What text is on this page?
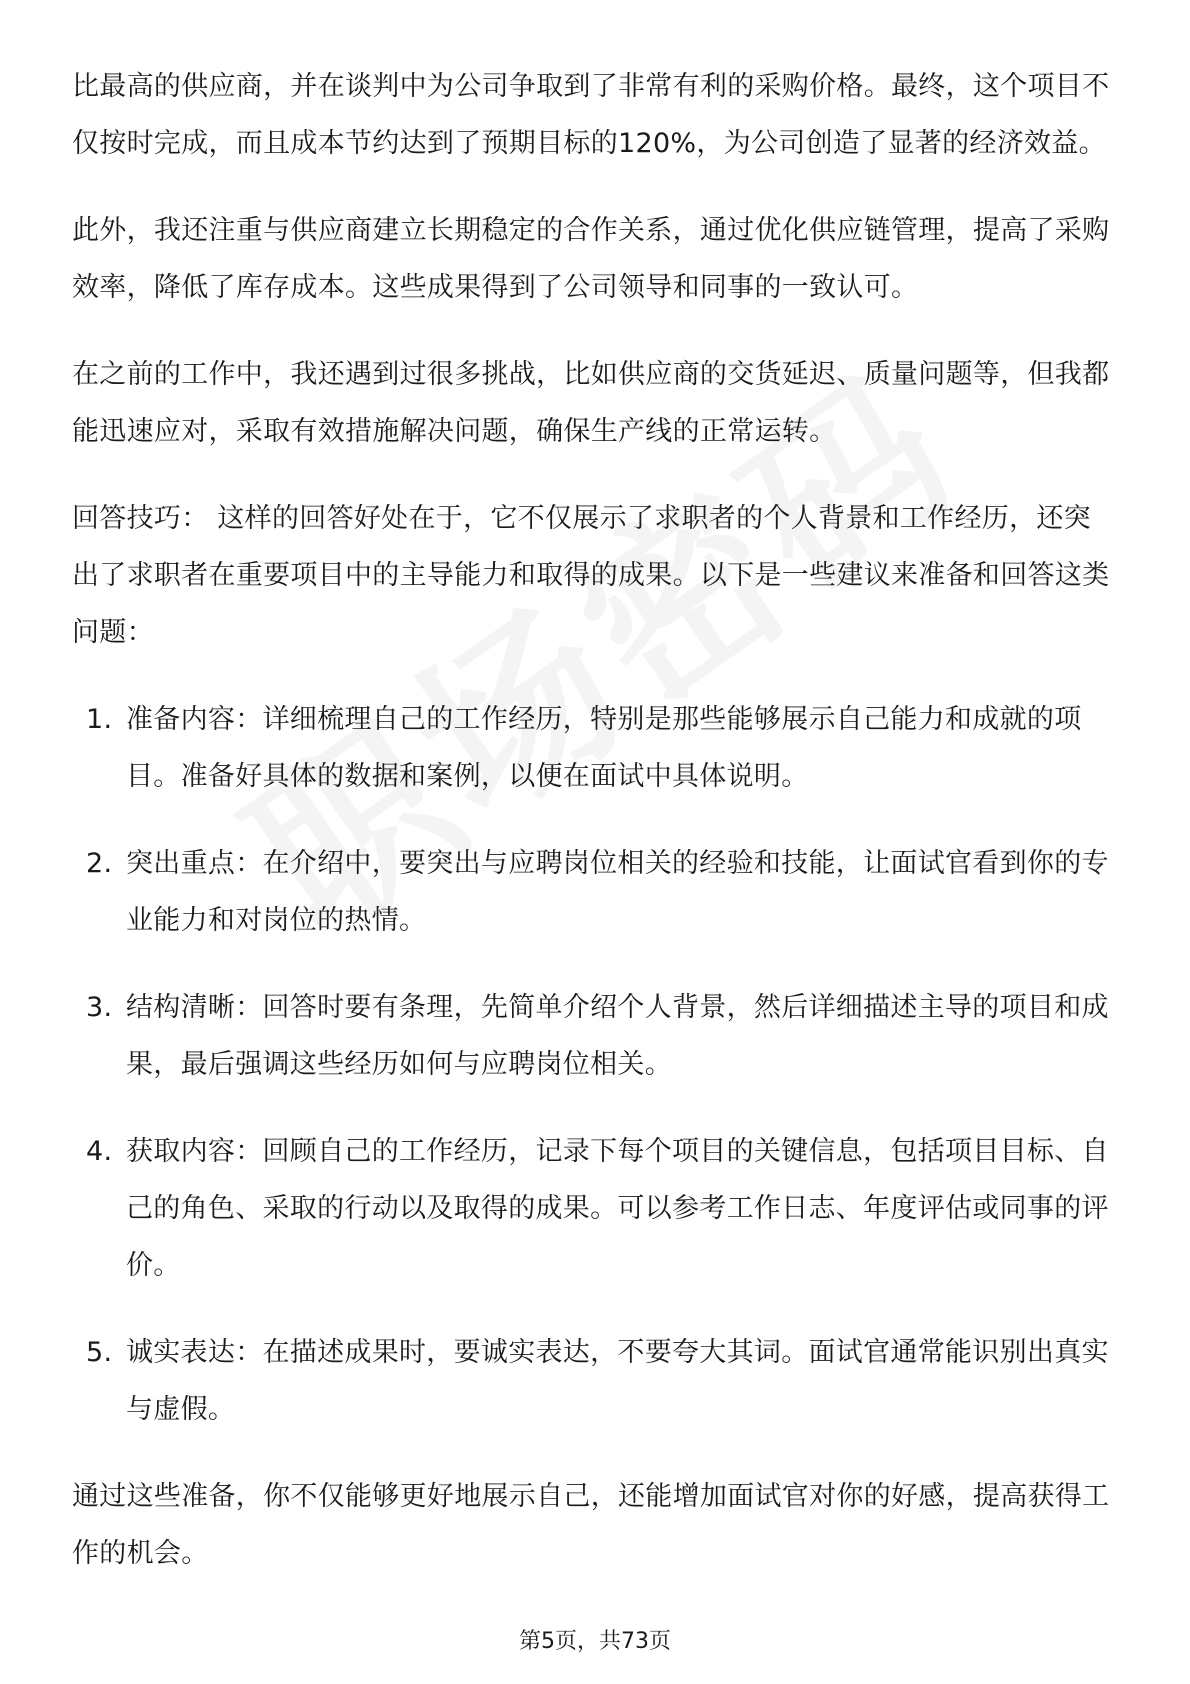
比最高的供应商，并在谈判中为公司争取到了非常有利的采购价格。最终，这个项目不仅按时完成，而且成本节约达到了预期目标的120%，为公司创造了显著的经济效益。

此外，我还注重与供应商建立长期稳定的合作关系，通过优化供应链管理，提高了采购效率，降低了库存成本。这些成果得到了公司领导和同事的一致认可。

在之前的工作中，我还遇到过很多挑战，比如供应商的交货延迟、质量问题等，但我都能迅速应对，采取有效措施解决问题，确保生产线的正常运转。

回答技巧： 这样的回答好处在于，它不仅展示了求职者的个人背景和工作经历，还突出了求职者在重要项目中的主导能力和取得的成果。以下是一些建议来准备和回答这类问题：

1. 准备内容：详细梳理自己的工作经历，特别是那些能够展示自己能力和成就的项目。准备好具体的数据和案例，以便在面试中具体说明。
2. 突出重点：在介绍中，要突出与应聘岗位相关的经验和技能，让面试官看到你的专业能力和对岗位的热情。
3. 结构清晰：回答时要有条理，先简单介绍个人背景，然后详细描述主导的项目和成果，最后强调这些经历如何与应聘岗位相关。
4. 获取内容：回顾自己的工作经历，记录下每个项目的关键信息，包括项目目标、自己的角色、采取的行动以及取得的成果。可以参考工作日志、年度评估或同事的评价。
5. 诚实表达：在描述成果时，要诚实表达，不要夸大其词。面试官通常能识别出真实与虚假。

通过这些准备，你不仅能够更好地展示自己，还能增加面试官对你的好感，提高获得工作的机会。

第5页，共73页
